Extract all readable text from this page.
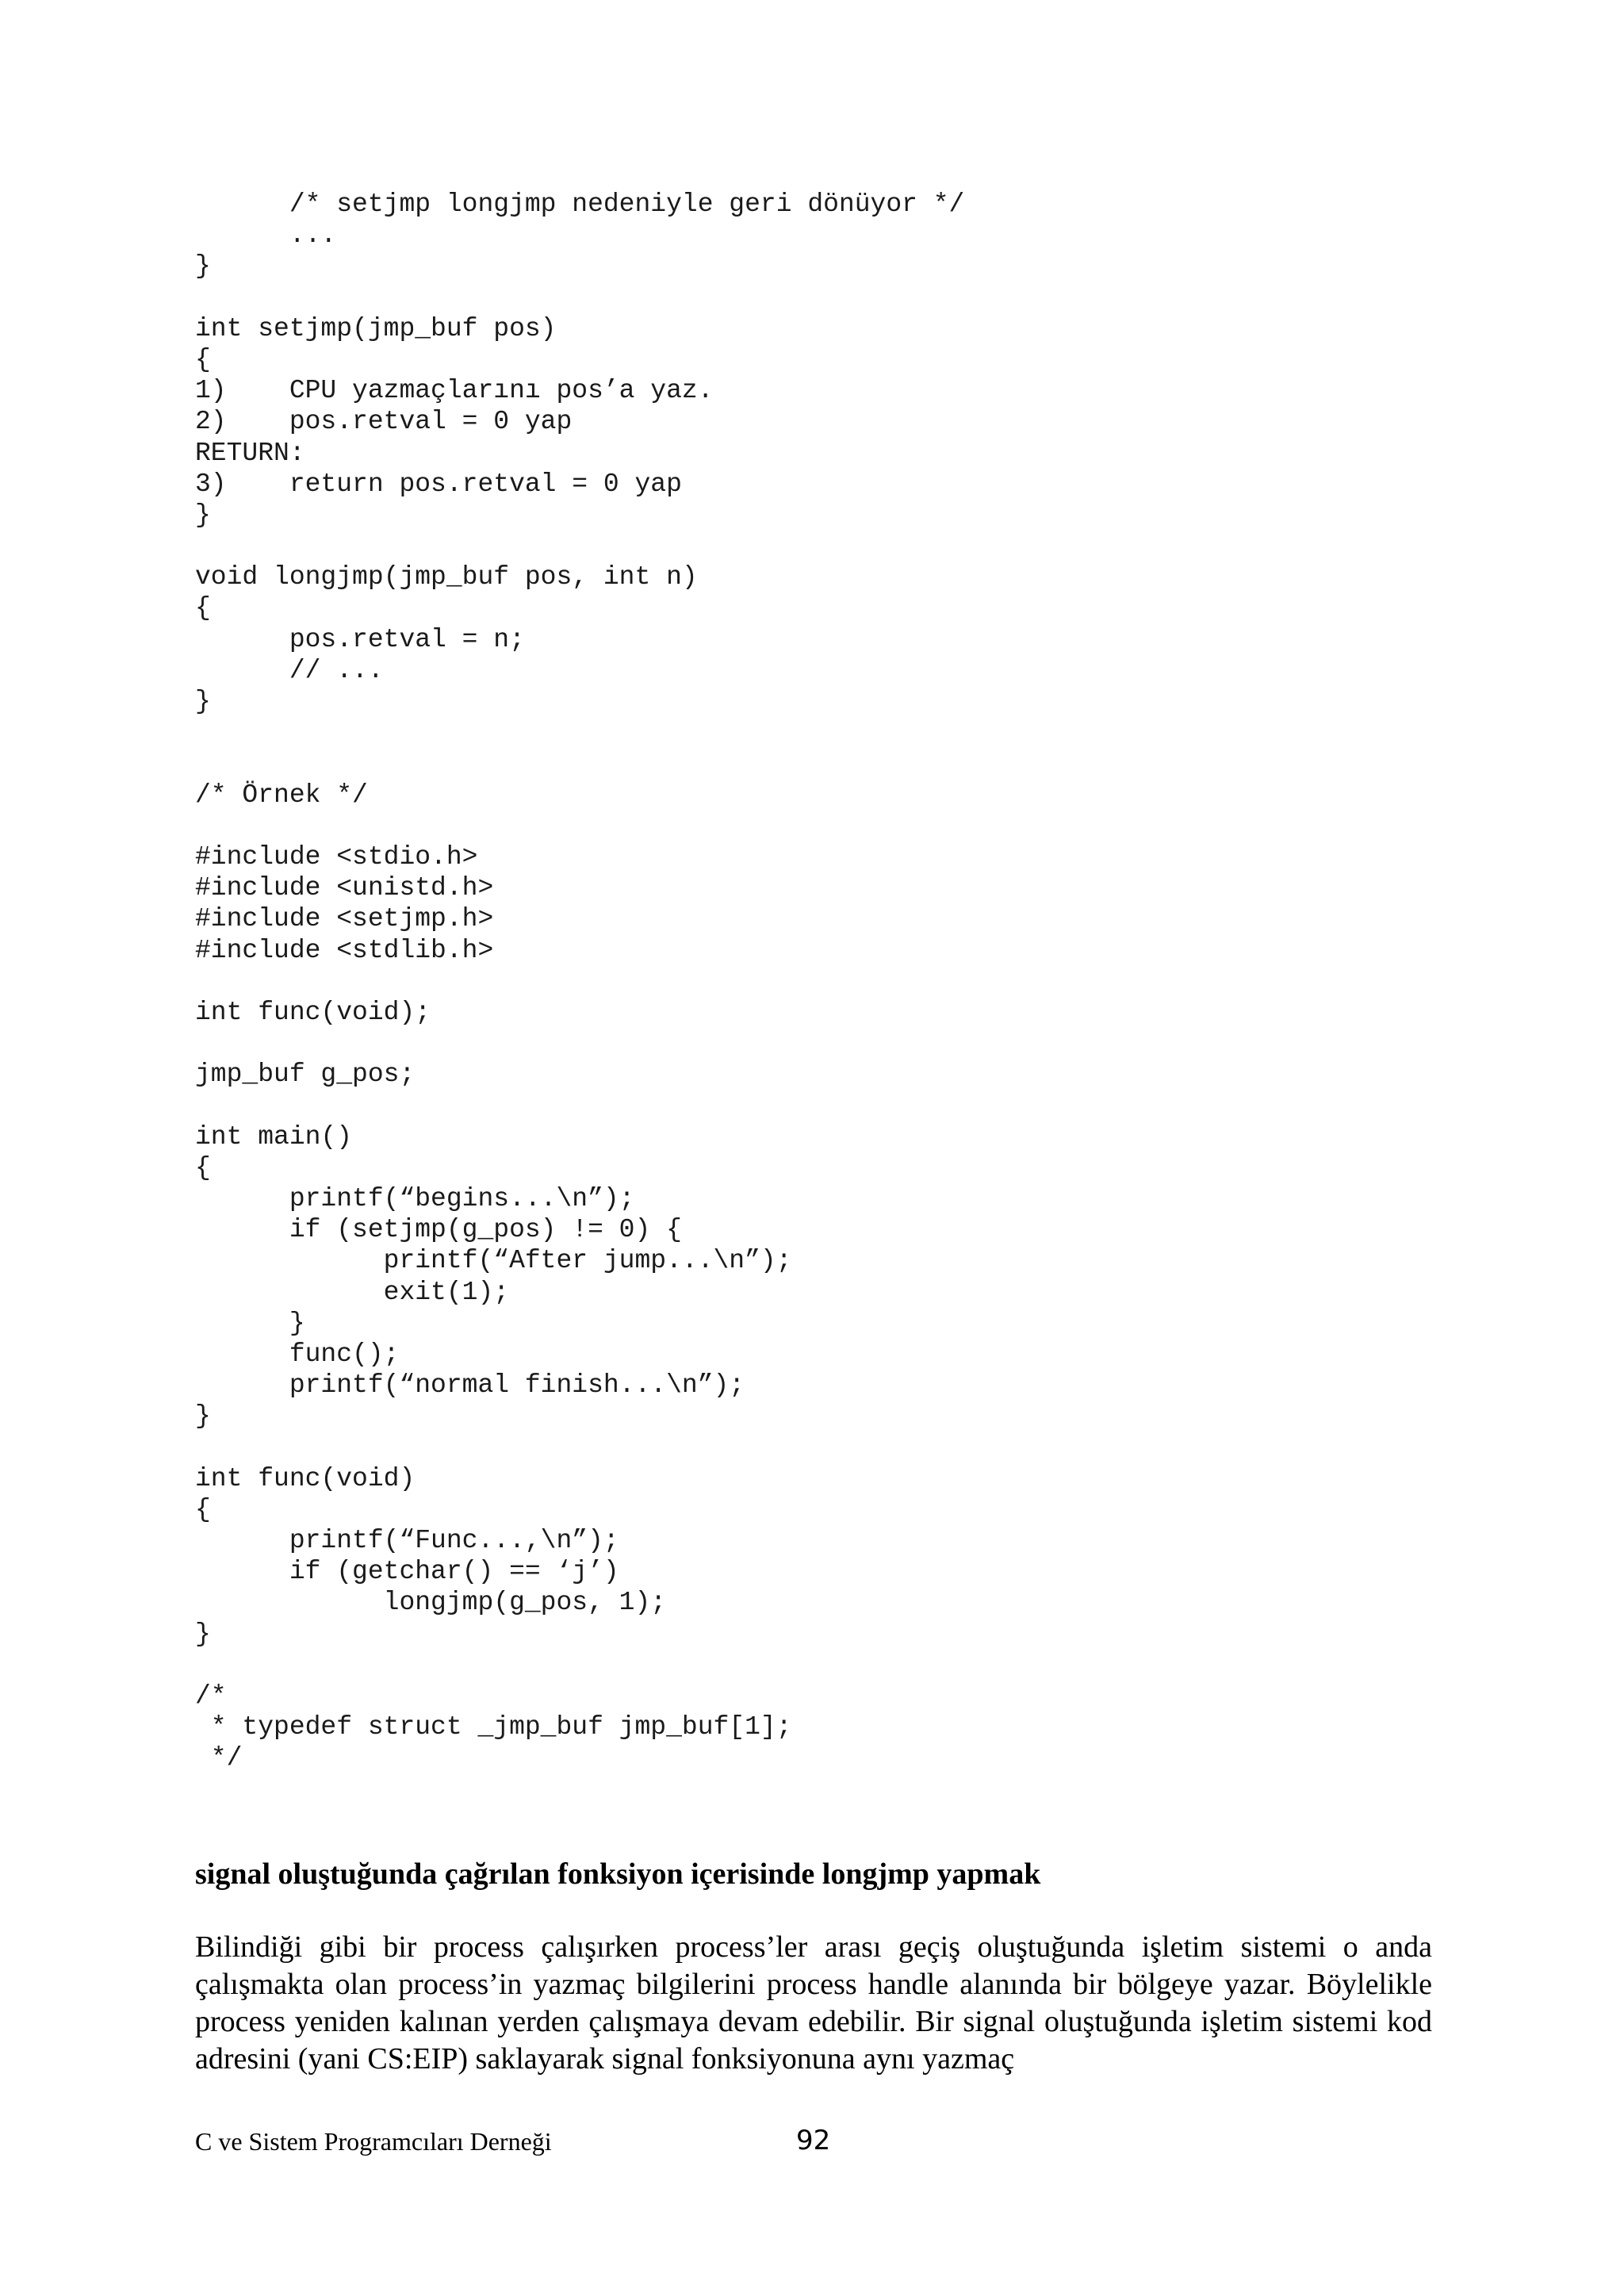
/* setjmp longjmp nedeniyle geri dönüyor */
...
}
int setjmp(jmp_buf pos)
{
1)    CPU yazmaçlarını pos’a yaz.
2)    pos.retval = 0 yap
RETURN:
3)    return pos.retval = 0 yap
}
void longjmp(jmp_buf pos, int n)
{
pos.retval = n;
// ...
}
/* Örnek */
#include <stdio.h>
#include <unistd.h>
#include <setjmp.h>
#include <stdlib.h>
int func(void);
jmp_buf g_pos;
int main()
{
printf(“begins...\n”);
if (setjmp(g_pos) != 0) {
printf(“After jump...\n”);
exit(1);
}
func();
printf(“normal finish...\n”);
}
int func(void)
{
printf(“Func...,\n”);
if (getchar() == ‘j’)
longjmp(g_pos, 1);
}
/*
* typedef struct _jmp_buf jmp_buf[1];
*/
signal oluştuğunda çağrılan fonksiyon içerisinde longjmp yapmak

Bilindiği gibi bir process çalışırken process’ler arası geçiş oluştuğunda işletim sistemi o anda çalışmakta olan process’in yazmaç bilgilerini process handle alanında bir bölgeye yazar. Böylelikle process yeniden kalınan yerden çalışmaya devam edebilir. Bir signal oluştuğunda işletim sistemi kod adresini (yani CS:EIP) saklayarak signal fonksiyonuna aynı yazmaç

C ve Sistem Programcıları Derneği	92
